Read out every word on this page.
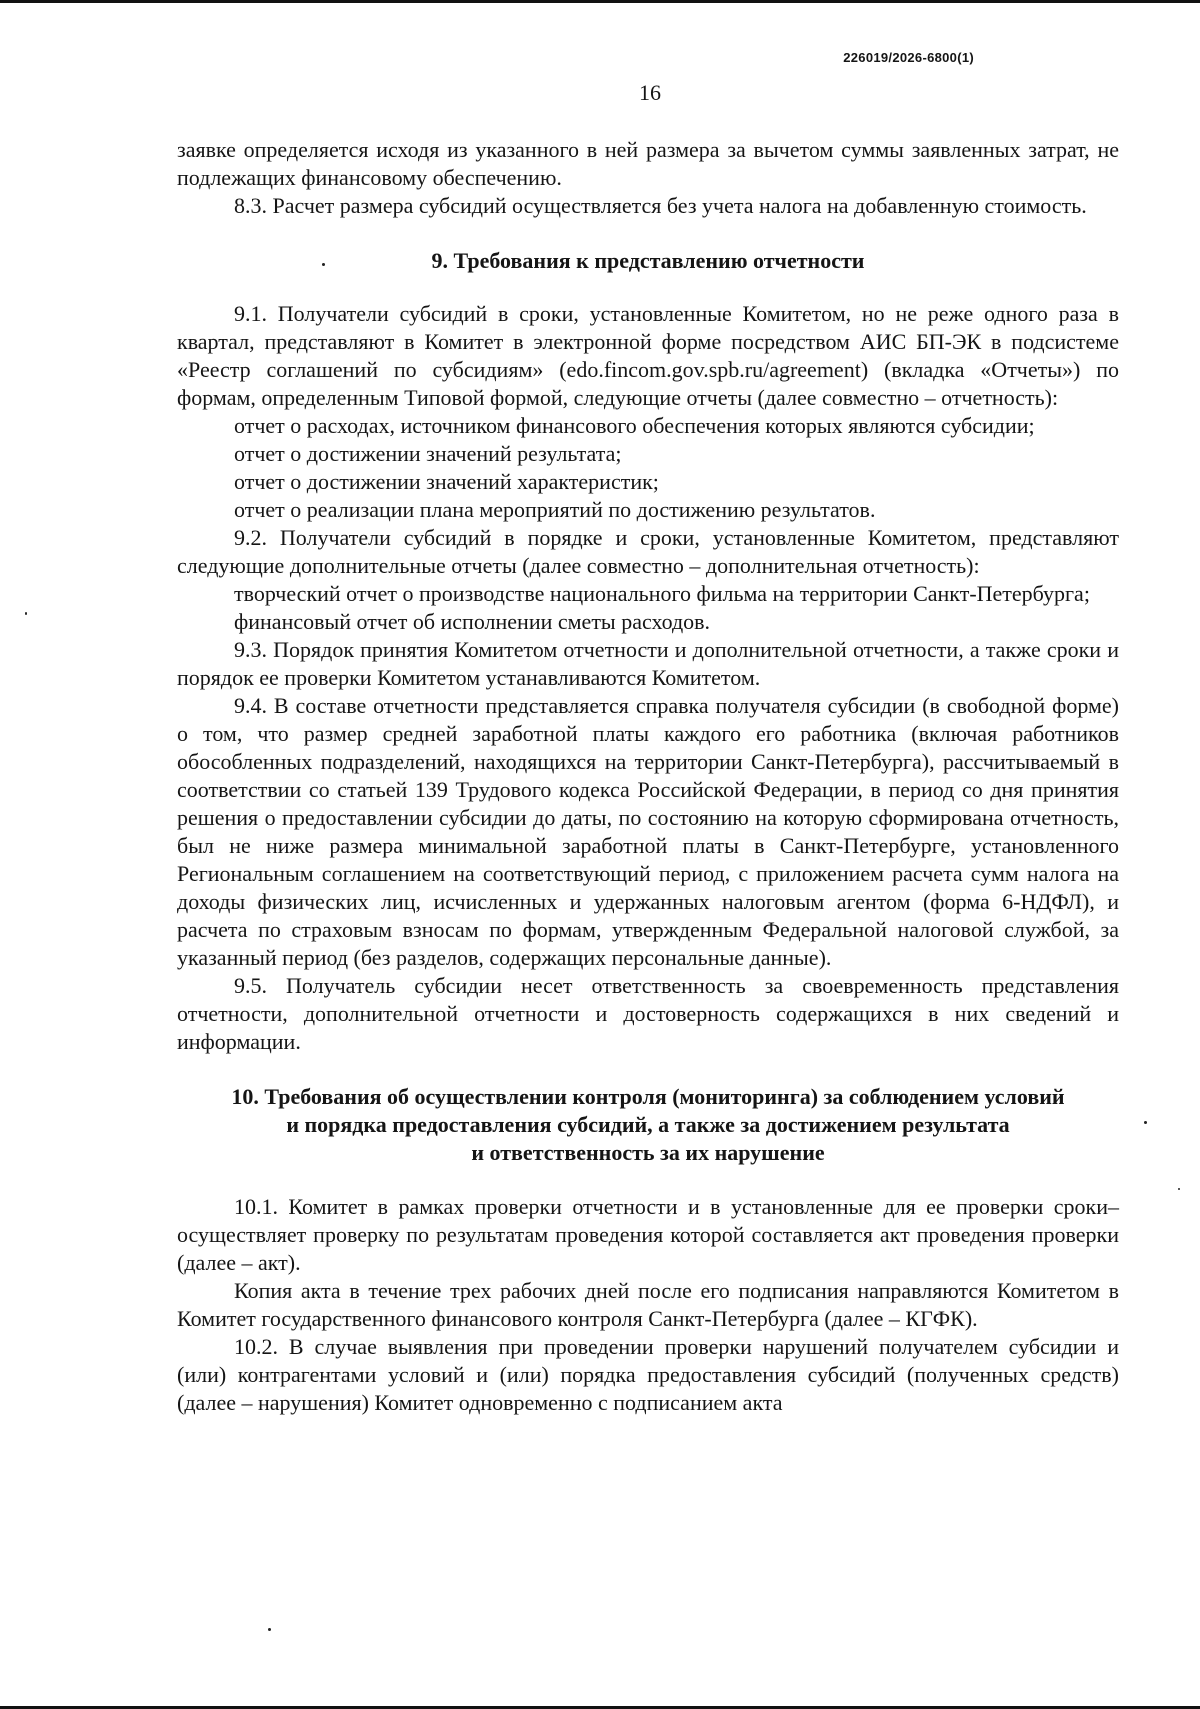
226019/2026-6800(1)
16

заявке определяется исходя из указанного в ней размера за вычетом суммы заявленных затрат, не подлежащих финансовому обеспечению.

8.3. Расчет размера субсидий осуществляется без учета налога на добавленную стоимость.

9. Требования к представлению отчетности

9.1. Получатели субсидий в сроки, установленные Комитетом, но не реже одного раза в квартал, представляют в Комитет в электронной форме посредством АИС БП-ЭК в подсистеме «Реестр соглашений по субсидиям» (edo.fincom.gov.spb.ru/agreement) (вкладка «Отчеты») по формам, определенным Типовой формой, следующие отчеты (далее совместно – отчетность):

отчет о расходах, источником финансового обеспечения которых являются субсидии;

отчет о достижении значений результата;

отчет о достижении значений характеристик;

отчет о реализации плана мероприятий по достижению результатов.

9.2. Получатели субсидий в порядке и сроки, установленные Комитетом, представляют следующие дополнительные отчеты (далее совместно – дополнительная отчетность):

творческий отчет о производстве национального фильма на территории Санкт-Петербурга;

финансовый отчет об исполнении сметы расходов.

9.3. Порядок принятия Комитетом отчетности и дополнительной отчетности, а также сроки и порядок ее проверки Комитетом устанавливаются Комитетом.

9.4. В составе отчетности представляется справка получателя субсидии (в свободной форме) о том, что размер средней заработной платы каждого его работника (включая работников обособленных подразделений, находящихся на территории Санкт-Петербурга), рассчитываемый в соответствии со статьей 139 Трудового кодекса Российской Федерации, в период со дня принятия решения о предоставлении субсидии до даты, по состоянию на которую сформирована отчетность, был не ниже размера минимальной заработной платы в Санкт-Петербурге, установленного Региональным соглашением на соответствующий период, с приложением расчета сумм налога на доходы физических лиц, исчисленных и удержанных налоговым агентом (форма 6-НДФЛ), и расчета по страховым взносам по формам, утвержденным Федеральной налоговой службой, за указанный период (без разделов, содержащих персональные данные).

9.5. Получатель субсидии несет ответственность за своевременность представления отчетности, дополнительной отчетности и достоверность содержащихся в них сведений и информации.

10. Требования об осуществлении контроля (мониторинга) за соблюдением условий

и порядка предоставления субсидий, а также за достижением результата

и ответственность за их нарушение

10.1. Комитет в рамках проверки отчетности и в установленные для ее проверки сроки–осуществляет проверку по результатам проведения которой составляется акт проведения проверки (далее – акт).

Копия акта в течение трех рабочих дней после его подписания направляются Комитетом в Комитет государственного финансового контроля Санкт-Петербурга (далее – КГФК).

10.2. В случае выявления при проведении проверки нарушений получателем субсидии и (или) контрагентами условий и (или) порядка предоставления субсидий (полученных средств) (далее – нарушения) Комитет одновременно с подписанием акта
